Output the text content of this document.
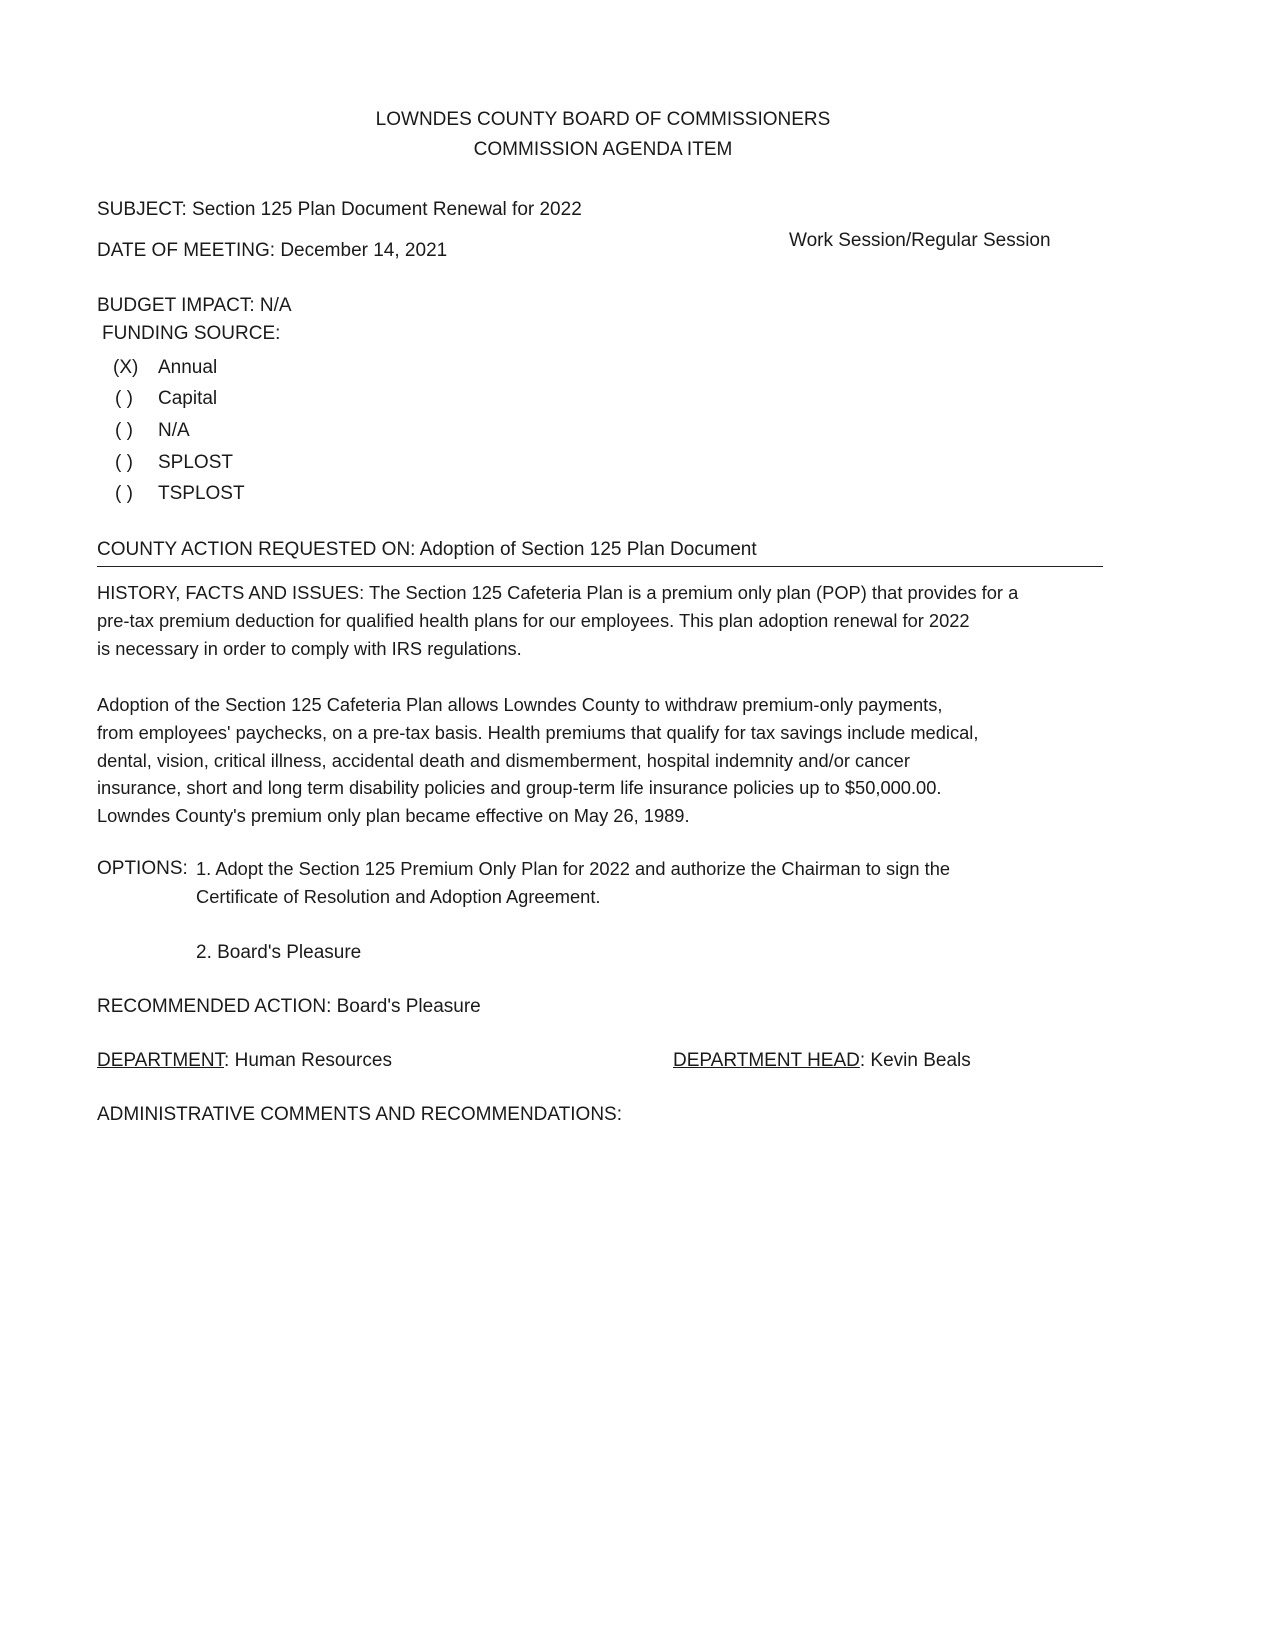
LOWNDES COUNTY BOARD OF COMMISSIONERS
COMMISSION AGENDA ITEM
SUBJECT: Section 125 Plan Document Renewal for 2022
DATE OF MEETING: December 14, 2021	Work Session/Regular Session
BUDGET IMPACT: N/A
FUNDING SOURCE:
(X) Annual
( ) Capital
( ) N/A
( ) SPLOST
( ) TSPLOST
COUNTY ACTION REQUESTED ON: Adoption of Section 125 Plan Document
HISTORY, FACTS AND ISSUES: The Section 125 Cafeteria Plan is a premium only plan (POP) that provides for a
pre-tax premium deduction for qualified health plans for our employees. This plan adoption renewal for 2022
is necessary in order to comply with IRS regulations.
Adoption of the Section 125 Cafeteria Plan allows Lowndes County to withdraw premium-only payments,
from employees' paychecks, on a pre-tax basis. Health premiums that qualify for tax savings include medical,
dental, vision, critical illness, accidental death and dismemberment, hospital indemnity and/or cancer
insurance, short and long term disability policies and group-term life insurance policies up to $50,000.00.
Lowndes County's premium only plan became effective on May 26, 1989.
OPTIONS: 1. Adopt the Section 125 Premium Only Plan for 2022 and authorize the Chairman to sign the
Certificate of Resolution and Adoption Agreement.
2. Board's Pleasure
RECOMMENDED ACTION: Board's Pleasure
DEPARTMENT: Human Resources	DEPARTMENT HEAD: Kevin Beals
ADMINISTRATIVE COMMENTS AND RECOMMENDATIONS:
